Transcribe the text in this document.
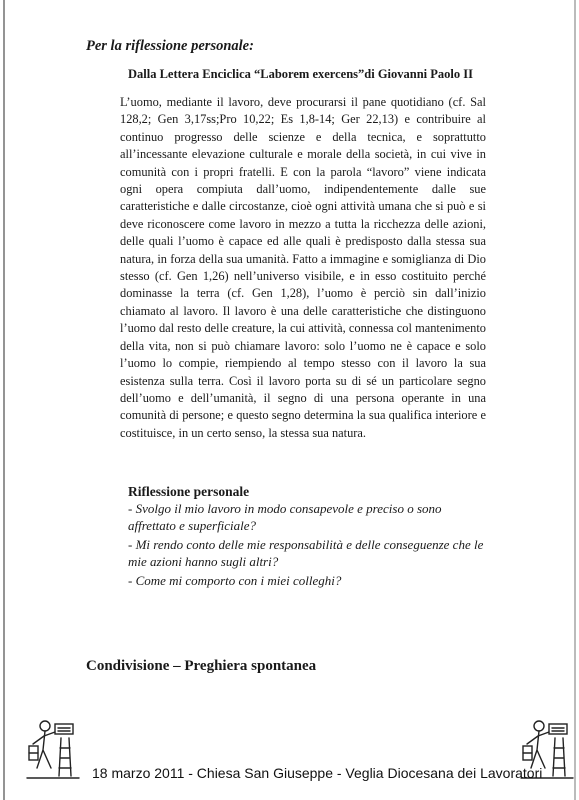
Per la riflessione personale:
Dalla Lettera Enciclica “Laborem exercens”di Giovanni Paolo II

L’uomo, mediante il lavoro, deve procurarsi il pane quotidiano (cf. Sal 128,2; Gen 3,17ss;Pro 10,22; Es 1,8-14; Ger 22,13) e contribuire al continuo progresso delle scienze e della tecnica, e soprattutto all’incessante elevazione culturale e morale della società, in cui vive in comunità con i propri fratelli. E con la parola “lavoro” viene indicata ogni opera compiuta dall’uomo, indipendentemente dalle sue caratteristiche e dalle circostanze, cioè ogni attività umana che si può e si deve riconoscere come lavoro in mezzo a tutta la ricchezza delle azioni, delle quali l’uomo è capace ed alle quali è predisposto dalla stessa sua natura, in forza della sua umanità. Fatto a immagine e somiglianza di Dio stesso (cf. Gen 1,26) nell’universo visibile, e in esso costituito perché dominasse la terra (cf. Gen 1,28), l’uomo è perciò sin dall’inizio chiamato al lavoro. Il lavoro è una delle caratteristiche che distinguono l’uomo dal resto delle creature, la cui attività, connessa col mantenimento della vita, non si può chiamare lavoro: solo l’uomo ne è capace e solo l’uomo lo compie, riempiendo al tempo stesso con il lavoro la sua esistenza sulla terra. Così il lavoro porta su di sé un particolare segno dell’uomo e dell’umanità, il segno di una persona operante in una comunità di persone; e questo segno determina la sua qualifica interiore e costituisce, in un certo senso, la stessa sua natura.

Riflessione personale
- Svolgo il mio lavoro in modo consapevole e preciso o sono affrettato e superficiale?
- Mi rendo conto delle mie responsabilità e delle conseguenze che le mie azioni hanno sugli altri?
- Come mi comporto con i miei colleghi?
Condivisione – Preghiera spontanea
18 marzo 2011 - Chiesa San Giuseppe - Veglia Diocesana dei Lavoratori
